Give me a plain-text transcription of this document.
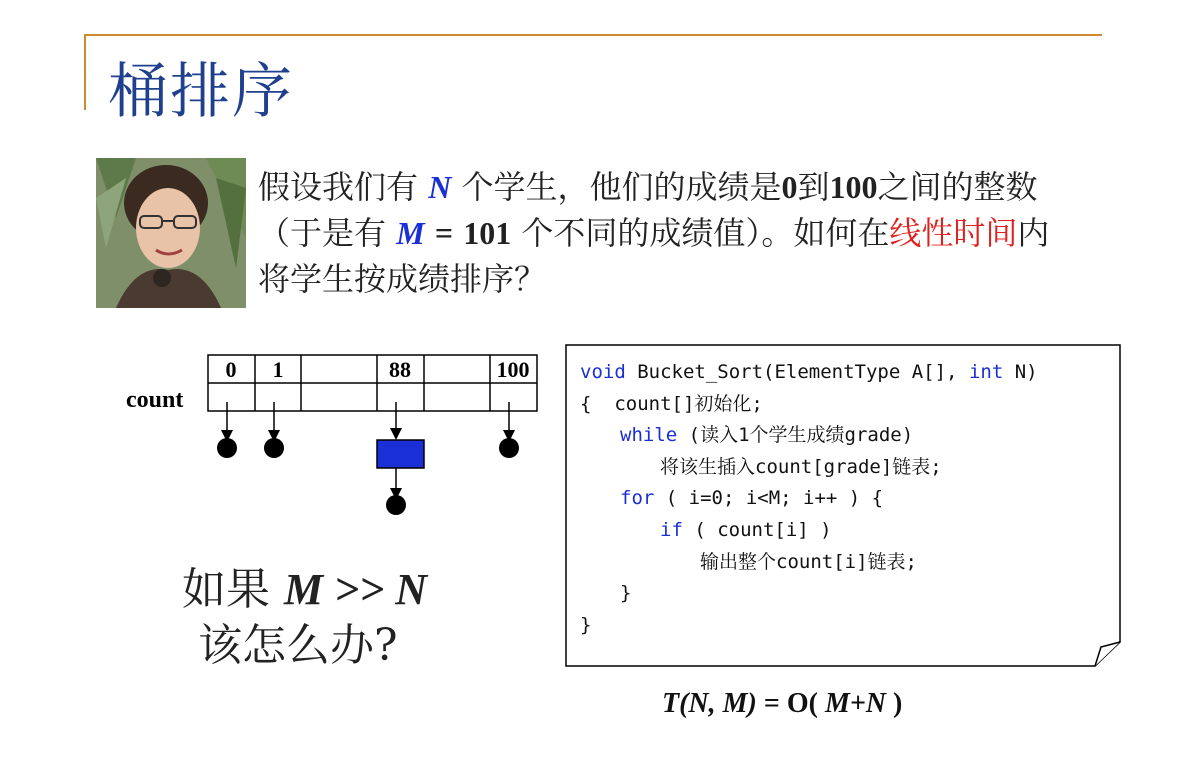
桶排序
假设我们有 N 个学生，他们的成绩是0到100之间的整数（于是有 M = 101 个不同的成绩值）。如何在线性时间内将学生按成绩排序？
count
0 1	88	100
如果 M >> N
该怎么办?
void Bucket_Sort(ElementType A[], int N)
{  count[]初始化;
while (读入1个学生成绩grade)
将该生插入count[grade]链表;
for ( i=0; i<M; i++ ) {
if ( count[i] )
输出整个count[i]链表;
}
}
T(N, M) = O( M+N )
